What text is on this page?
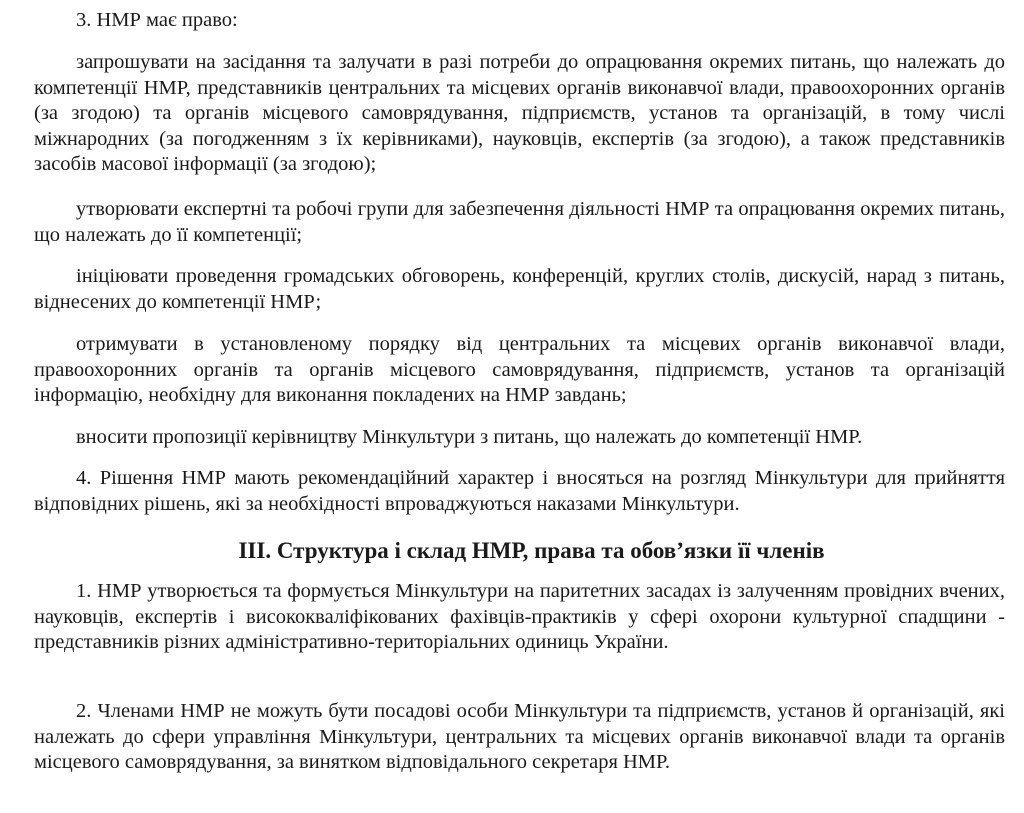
3. НМР має право:

запрошувати на засідання та залучати в разі потреби до опрацювання окремих питань, що належать до компетенції НМР, представників центральних та місцевих органів виконавчої влади, правоохоронних органів (за згодою) та органів місцевого самоврядування, підприємств, установ та організацій, в тому числі міжнародних (за погодженням з їх керівниками), науковців, експертів (за згодою), а також представників засобів масової інформації (за згодою);

утворювати експертні та робочі групи для забезпечення діяльності НМР та опрацювання окремих питань, що належать до її компетенції;

ініціювати проведення громадських обговорень, конференцій, круглих столів, дискусій, нарад з питань, віднесених до компетенції НМР;

отримувати в установленому порядку від центральних та місцевих органів виконавчої влади, правоохоронних органів та органів місцевого самоврядування, підприємств, установ та організацій інформацію, необхідну для виконання покладених на НМР завдань;

вносити пропозиції керівництву Мінкультури з питань, що належать до компетенції НМР.

4. Рішення НМР мають рекомендаційний характер і вносяться на розгляд Мінкультури для прийняття відповідних рішень, які за необхідності впроваджуються наказами Мінкультури.

ІІІ. Структура і склад НМР, права та обов’язки її членів

1. НМР утворюється та формується Мінкультури на паритетних засадах із залученням провідних вчених, науковців, експертів і висококваліфікованих фахівців-практиків у сфері охорони культурної спадщини - представників різних адміністративно-територіальних одиниць України.

2. Членами НМР не можуть бути посадові особи Мінкультури та підприємств, установ й організацій, які належать до сфери управління Мінкультури, центральних та місцевих органів виконавчої влади та органів місцевого самоврядування, за винятком відповідального секретаря НМР.
